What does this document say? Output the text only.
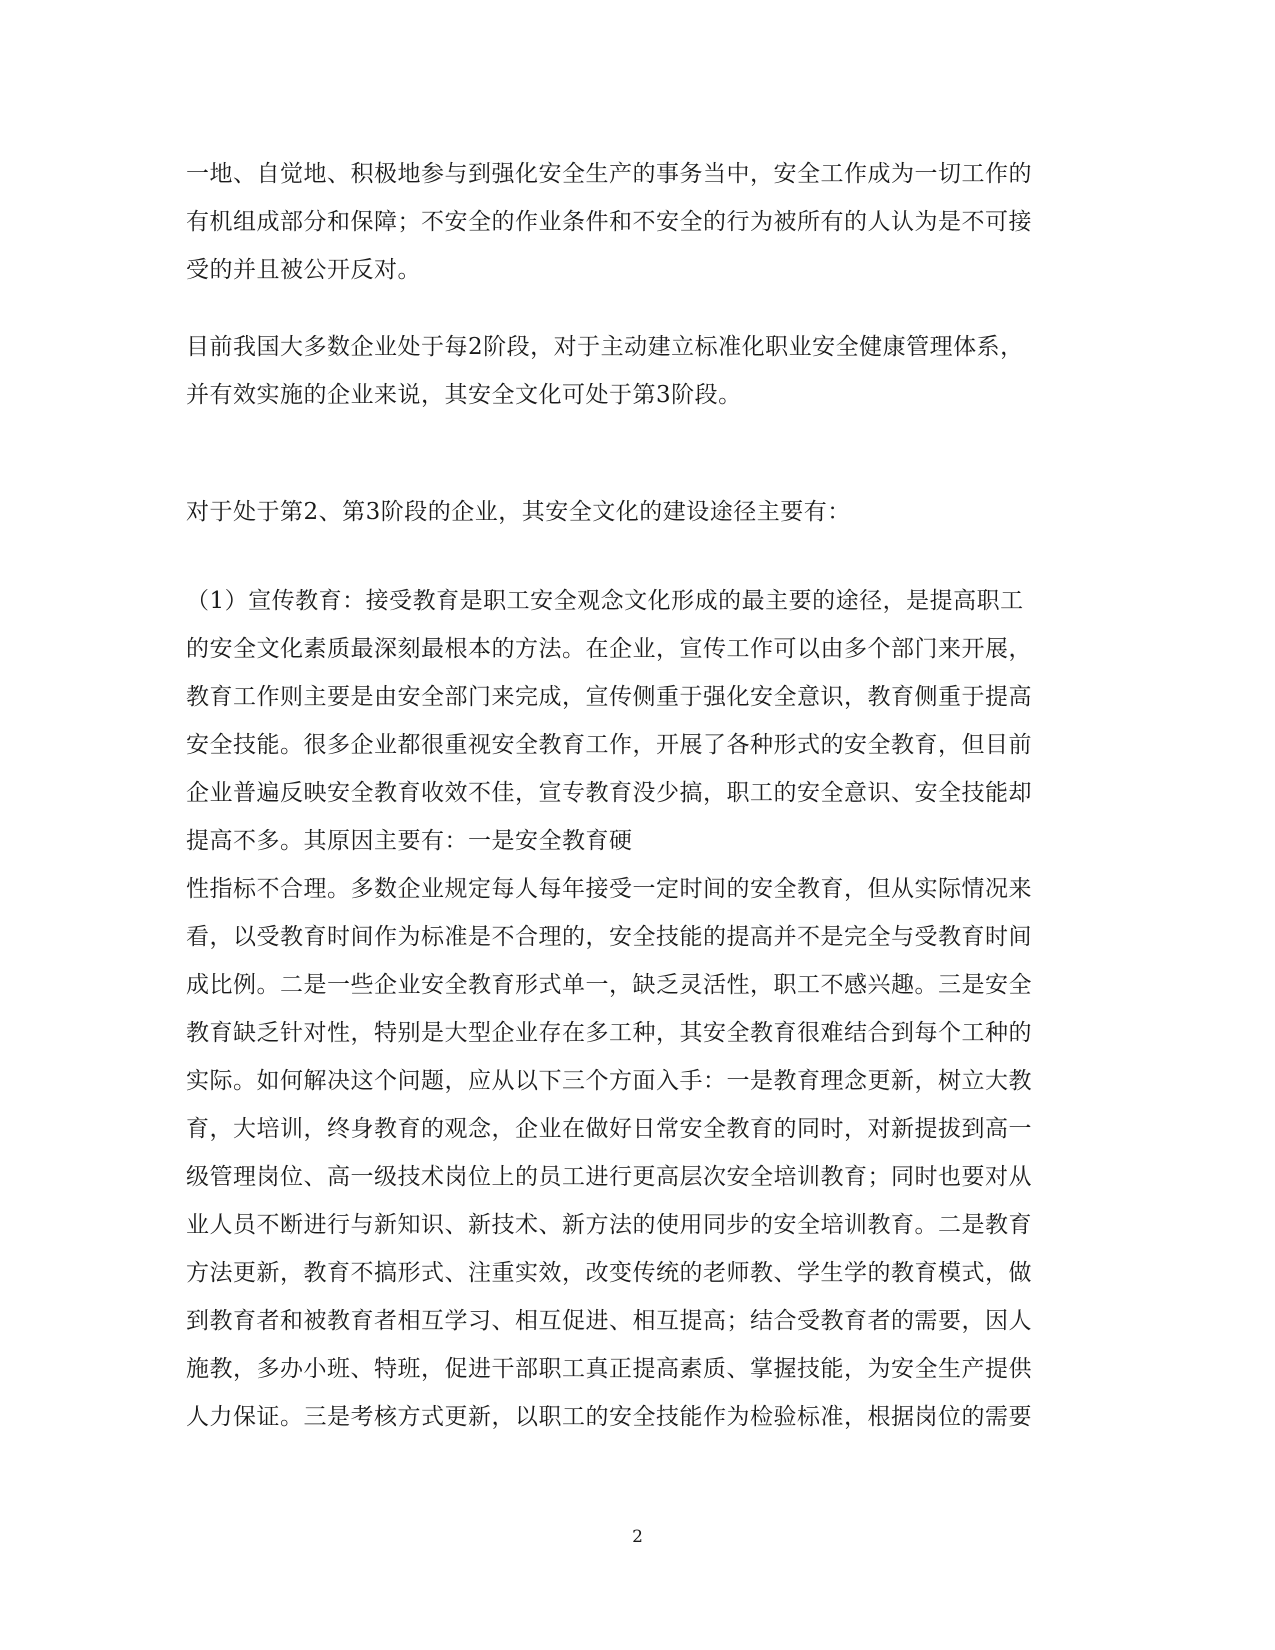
一地、自觉地、积极地参与到强化安全生产的事务当中，安全工作成为一切工作的
有机组成部分和保障；不安全的作业条件和不安全的行为被所有的人认为是不可接
受的并且被公开反对。
目前我国大多数企业处于每2阶段，对于主动建立标准化职业安全健康管理体系，
并有效实施的企业来说，其安全文化可处于第3阶段。
对于处于第2、第3阶段的企业，其安全文化的建设途径主要有：
（1）宣传教育：接受教育是职工安全观念文化形成的最主要的途径，是提高职工
的安全文化素质最深刻最根本的方法。在企业，宣传工作可以由多个部门来开展，
教育工作则主要是由安全部门来完成，宣传侧重于强化安全意识，教育侧重于提高
安全技能。很多企业都很重视安全教育工作，开展了各种形式的安全教育，但目前
企业普遍反映安全教育收效不佳，宣专教育没少搞，职工的安全意识、安全技能却
提高不多。其原因主要有：一是安全教育硬
性指标不合理。多数企业规定每人每年接受一定时间的安全教育，但从实际情况来
看，以受教育时间作为标准是不合理的，安全技能的提高并不是完全与受教育时间
成比例。二是一些企业安全教育形式单一，缺乏灵活性，职工不感兴趣。三是安全
教育缺乏针对性，特别是大型企业存在多工种，其安全教育很难结合到每个工种的
实际。如何解决这个问题，应从以下三个方面入手：一是教育理念更新，树立大教
育，大培训，终身教育的观念，企业在做好日常安全教育的同时，对新提拔到高一
级管理岗位、高一级技术岗位上的员工进行更高层次安全培训教育；同时也要对从
业人员不断进行与新知识、新技术、新方法的使用同步的安全培训教育。二是教育
方法更新，教育不搞形式、注重实效，改变传统的老师教、学生学的教育模式，做
到教育者和被教育者相互学习、相互促进、相互提高；结合受教育者的需要，因人
施教，多办小班、特班，促进干部职工真正提高素质、掌握技能，为安全生产提供
人力保证。三是考核方式更新，以职工的安全技能作为检验标准，根据岗位的需要
2
